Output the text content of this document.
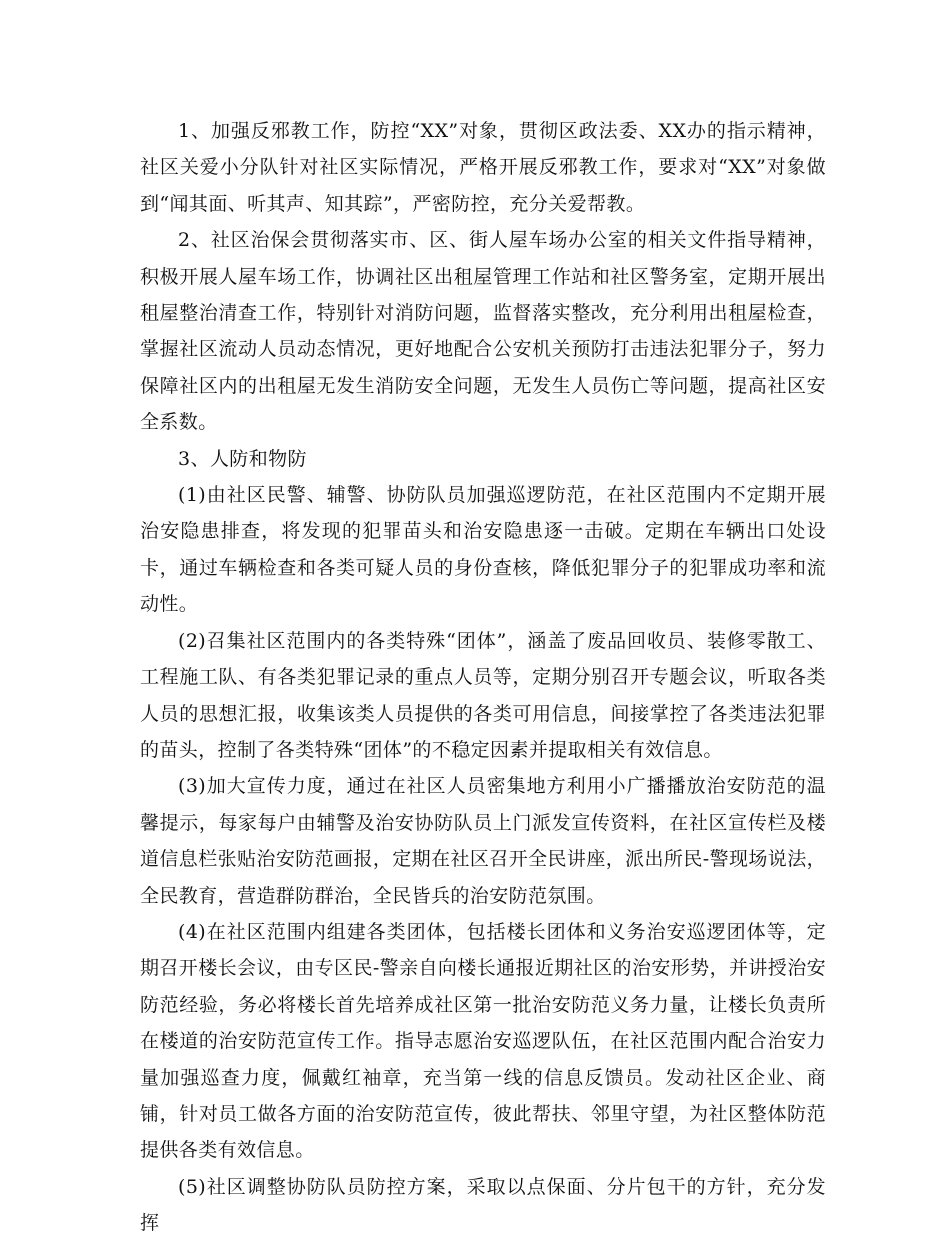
1、加强反邪教工作，防控“XX”对象，贯彻区政法委、XX办的指示精神，社区关爱小分队针对社区实际情况，严格开展反邪教工作，要求对“XX”对象做到“闻其面、听其声、知其踪”，严密防控，充分关爱帮教。

2、社区治保会贯彻落实市、区、街人屋车场办公室的相关文件指导精神，积极开展人屋车场工作，协调社区出租屋管理工作站和社区警务室，定期开展出租屋整治清查工作，特别针对消防问题，监督落实整改，充分利用出租屋检查，掌握社区流动人员动态情况，更好地配合公安机关预防打击违法犯罪分子，努力保障社区内的出租屋无发生消防安全问题，无发生人员伤亡等问题，提高社区安全系数。

3、人防和物防

(1)由社区民警、辅警、协防队员加强巡逻防范，在社区范围内不定期开展治安隐患排查，将发现的犯罪苗头和治安隐患逐一击破。定期在车辆出口处设卡，通过车辆检查和各类可疑人员的身份查核，降低犯罪分子的犯罪成功率和流动性。

(2)召集社区范围内的各类特殊“团体”，涵盖了废品回收员、装修零散工、工程施工队、有各类犯罪记录的重点人员等，定期分别召开专题会议，听取各类人员的思想汇报，收集该类人员提供的各类可用信息，间接掌控了各类违法犯罪的苗头，控制了各类特殊“团体”的不稳定因素并提取相关有效信息。

(3)加大宣传力度，通过在社区人员密集地方利用小广播播放治安防范的温馨提示，每家每户由辅警及治安协防队员上门派发宣传资料，在社区宣传栏及楼道信息栏张贴治安防范画报，定期在社区召开全民讲座，派出所民-警现场说法，全民教育，营造群防群治，全民皆兵的治安防范氛围。

(4)在社区范围内组建各类团体，包括楼长团体和义务治安巡逻团体等，定期召开楼长会议，由专区民-警亲自向楼长通报近期社区的治安形势，并讲授治安防范经验，务必将楼长首先培养成社区第一批治安防范义务力量，让楼长负责所在楼道的治安防范宣传工作。指导志愿治安巡逻队伍，在社区范围内配合治安力量加强巡查力度，佩戴红袖章，充当第一线的信息反馈员。发动社区企业、商铺，针对员工做各方面的治安防范宣传，彼此帮扶、邻里守望，为社区整体防范提供各类有效信息。

(5)社区调整协防队员防控方案，采取以点保面、分片包干的方针，充分发挥
